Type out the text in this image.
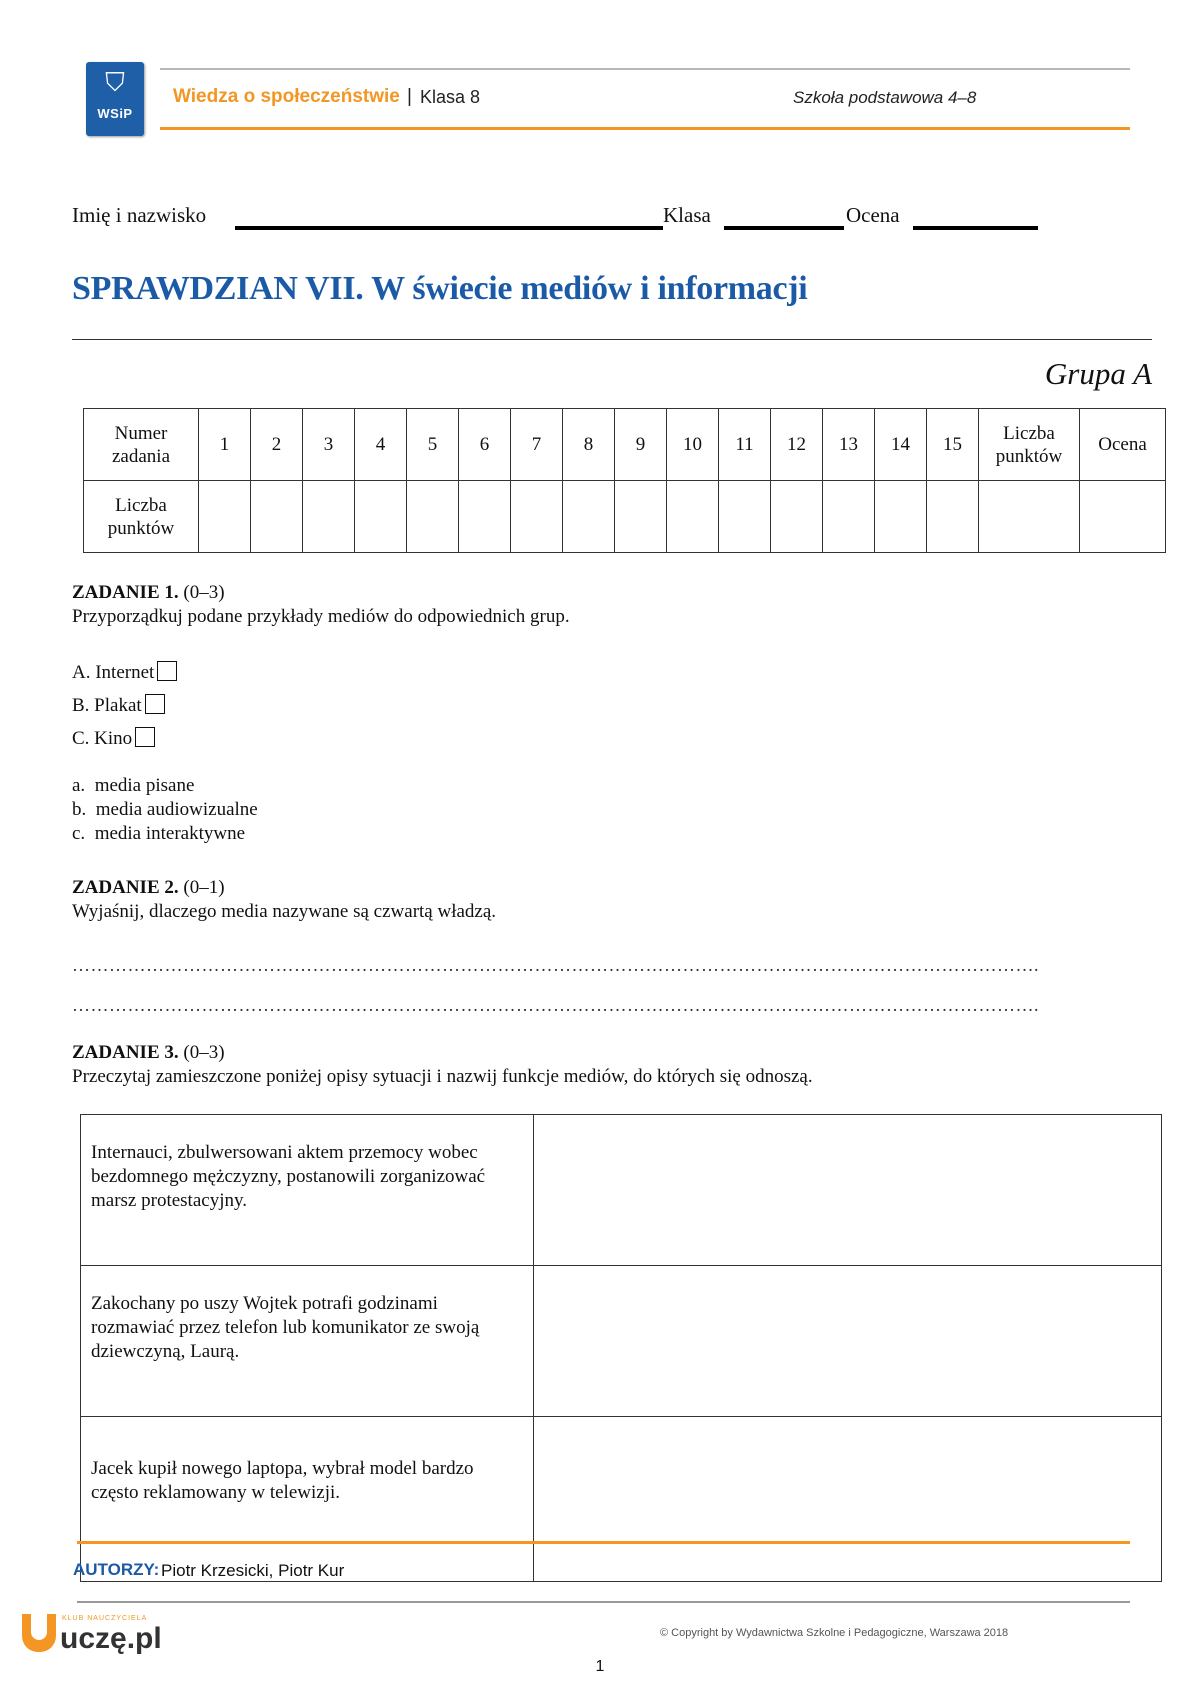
⛉
WSiP
Wiedza o społeczeństwie | Klasa 8	Szkoła podstawowa 4–8
Imię i nazwisko	Klasa	Ocena
SPRAWDZIAN VII. W świecie mediów i informacji
Grupa A
Numer zadania	1	2	3	4	5	6	7	8	9	10	11	12	13	14	15	Liczba punktów	Ocena
Liczba punktów																	
ZADANIE 1. (0–3)
Przyporządkuj podane przykłady mediów do odpowiednich grup.
A. Internet
B. Plakat
C. Kino
a. media pisane
b. media audiowizualne
c. media interaktywne
ZADANIE 2. (0–1)
Wyjaśnij, dlaczego media nazywane są czwartą władzą.
………………………………………………………………………………………………………………………………………….
………………………………………………………………………………………………………………………………………….
ZADANIE 3. (0–3)
Przeczytaj zamieszczone poniżej opisy sytuacji i nazwij funkcje mediów, do których się odnoszą.
Internauci, zbulwersowani aktem przemocy wobec bezdomnego mężczyzny, postanowili zorganizować marsz protestacyjny.	
Zakochany po uszy Wojtek potrafi godzinami rozmawiać przez telefon lub komunikator ze swoją dziewczyną, Laurą.	
Jacek kupił nowego laptopa, wybrał model bardzo często reklamowany w telewizji.	
AUTORZY: Piotr Krzesicki, Piotr Kur
KLUB NAUCZYCIELA
uczę.pl	© Copyright by Wydawnictwa Szkolne i Pedagogiczne, Warszawa 2018
1
